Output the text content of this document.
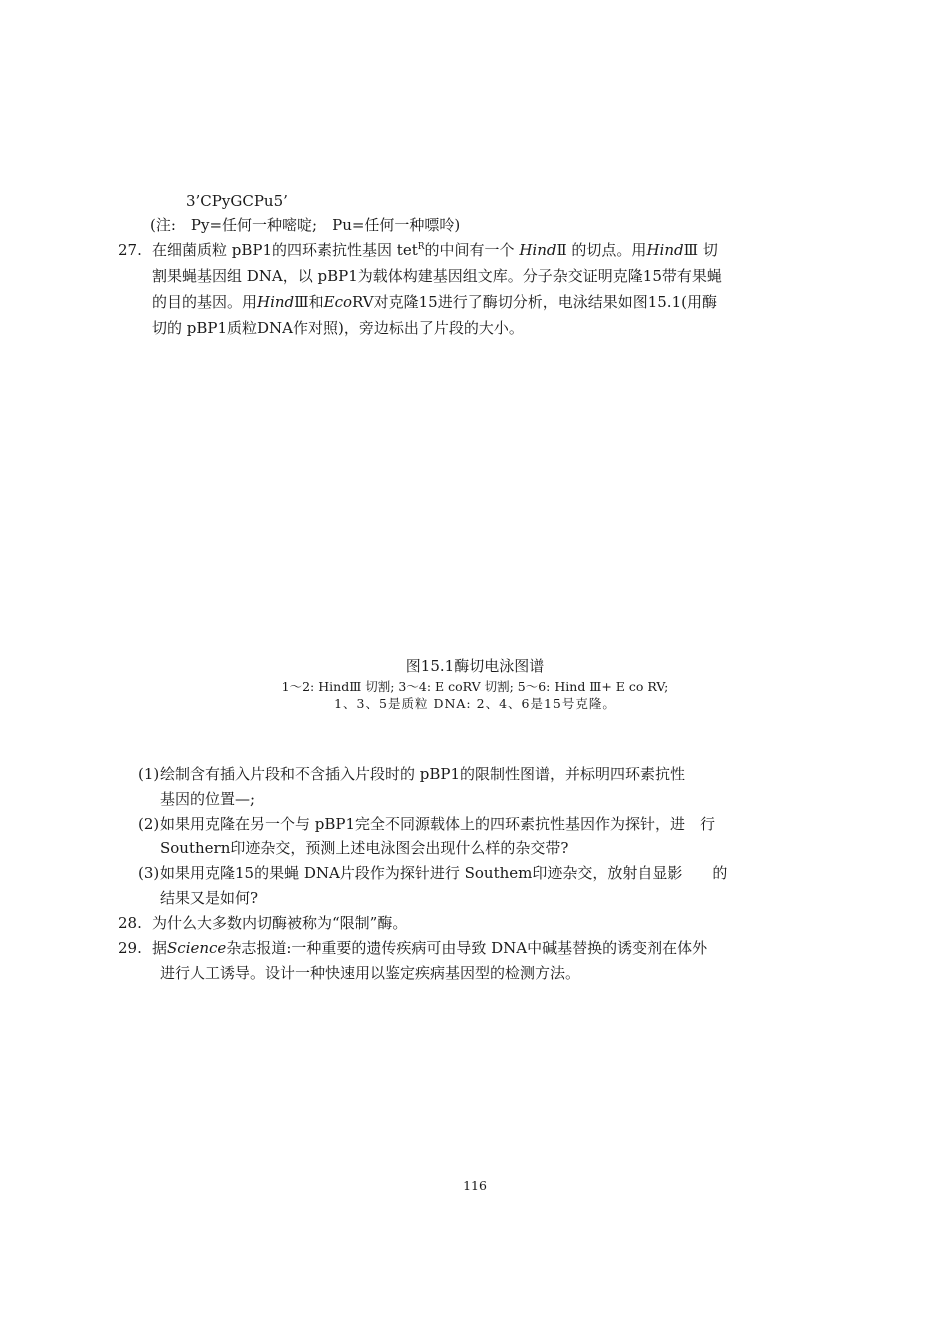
3’CPyGCPu5’
(注:　Py=任何一种嘧啶;　Pu=任何一种嘌呤)
27. 在细菌质粒 pBP1的四环素抗性基因 tet$^R$的中间有一个 HindⅡ 的切点。用HindⅢ 切
割果蝇基因组 DNA，以 pBP1为载体构建基因组文库。分子杂交证明克隆15带有果蝇
的目的基因。用HindⅢ和EcoRV对克隆15进行了酶切分析，电泳结果如图15.1(用酶
切的 pBP1质粒DNA作对照)，旁边标出了片段的大小。
图15.1酶切电泳图谱
1～2: HindⅢ 切割; 3～4: E coRV 切割; 5～6: Hind Ⅲ+ E co RV;
1、3、5是质粒 DNA: 2、4、6是15号克隆。
(1) 绘制含有插入片段和不含插入片段时的 pBP1的限制性图谱，并标明四环素抗性
基因的位置—;
(2) 如果用克隆在另一个与 pBP1完全不同源载体上的四环素抗性基因作为探针，进　行
Southern印迹杂交，预测上述电泳图会出现什么样的杂交带?
(3) 如果用克隆15的果蝇 DNA片段作为探针进行 Southem印迹杂交，放射自显影　　的
结果又是如何?
28. 为什么大多数内切酶被称为“限制”酶。
29. 据Science杂志报道:一种重要的遗传疾病可由导致 DNA中碱基替换的诱变剂在体外
进行人工诱导。设计一种快速用以鉴定疾病基因型的检测方法。
116
